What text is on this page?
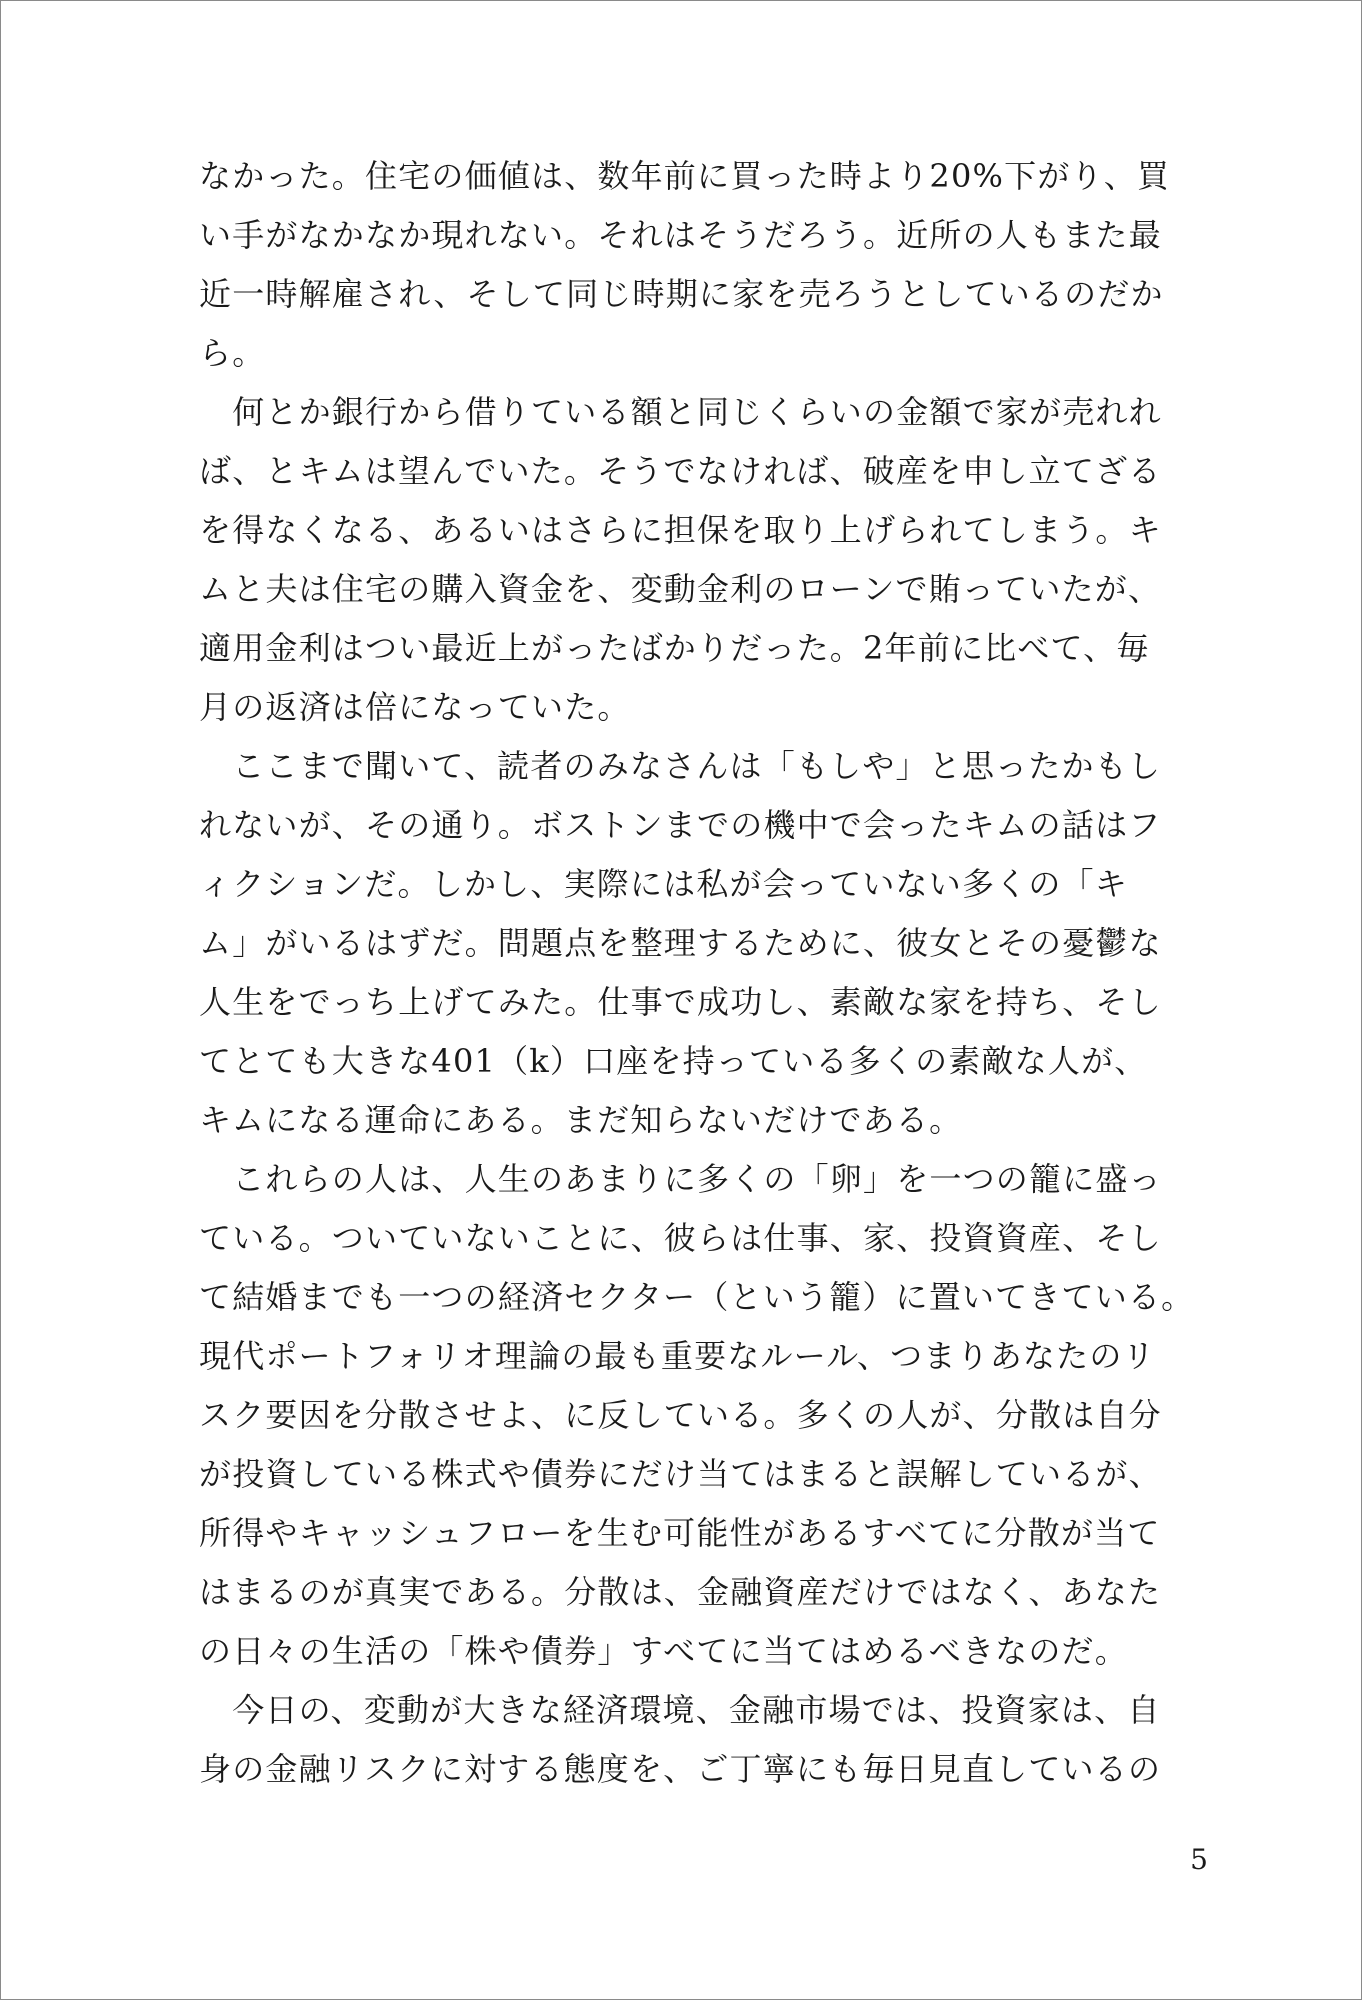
なかった。住宅の価値は、数年前に買った時より20%下がり、買
い手がなかなか現れない。それはそうだろう。近所の人もまた最
近一時解雇され、そして同じ時期に家を売ろうとしているのだか
ら。
　何とか銀行から借りている額と同じくらいの金額で家が売れれ
ば、とキムは望んでいた。そうでなければ、破産を申し立てざる
を得なくなる、あるいはさらに担保を取り上げられてしまう。キ
ムと夫は住宅の購入資金を、変動金利のローンで賄っていたが、
適用金利はつい最近上がったばかりだった。2年前に比べて、毎
月の返済は倍になっていた。
　ここまで聞いて、読者のみなさんは「もしや」と思ったかもし
れないが、その通り。ボストンまでの機中で会ったキムの話はフ
ィクションだ。しかし、実際には私が会っていない多くの「キ
ム」がいるはずだ。問題点を整理するために、彼女とその憂鬱な
人生をでっち上げてみた。仕事で成功し、素敵な家を持ち、そし
てとても大きな401（k）口座を持っている多くの素敵な人が、
キムになる運命にある。まだ知らないだけである。
　これらの人は、人生のあまりに多くの「卵」を一つの籠に盛っ
ている。ついていないことに、彼らは仕事、家、投資資産、そし
て結婚までも一つの経済セクター（という籠）に置いてきている。
現代ポートフォリオ理論の最も重要なルール、つまりあなたのリ
スク要因を分散させよ、に反している。多くの人が、分散は自分
が投資している株式や債券にだけ当てはまると誤解しているが、
所得やキャッシュフローを生む可能性があるすべてに分散が当て
はまるのが真実である。分散は、金融資産だけではなく、あなた
の日々の生活の「株や債券」すべてに当てはめるべきなのだ。
　今日の、変動が大きな経済環境、金融市場では、投資家は、自
身の金融リスクに対する態度を、ご丁寧にも毎日見直しているの
5
